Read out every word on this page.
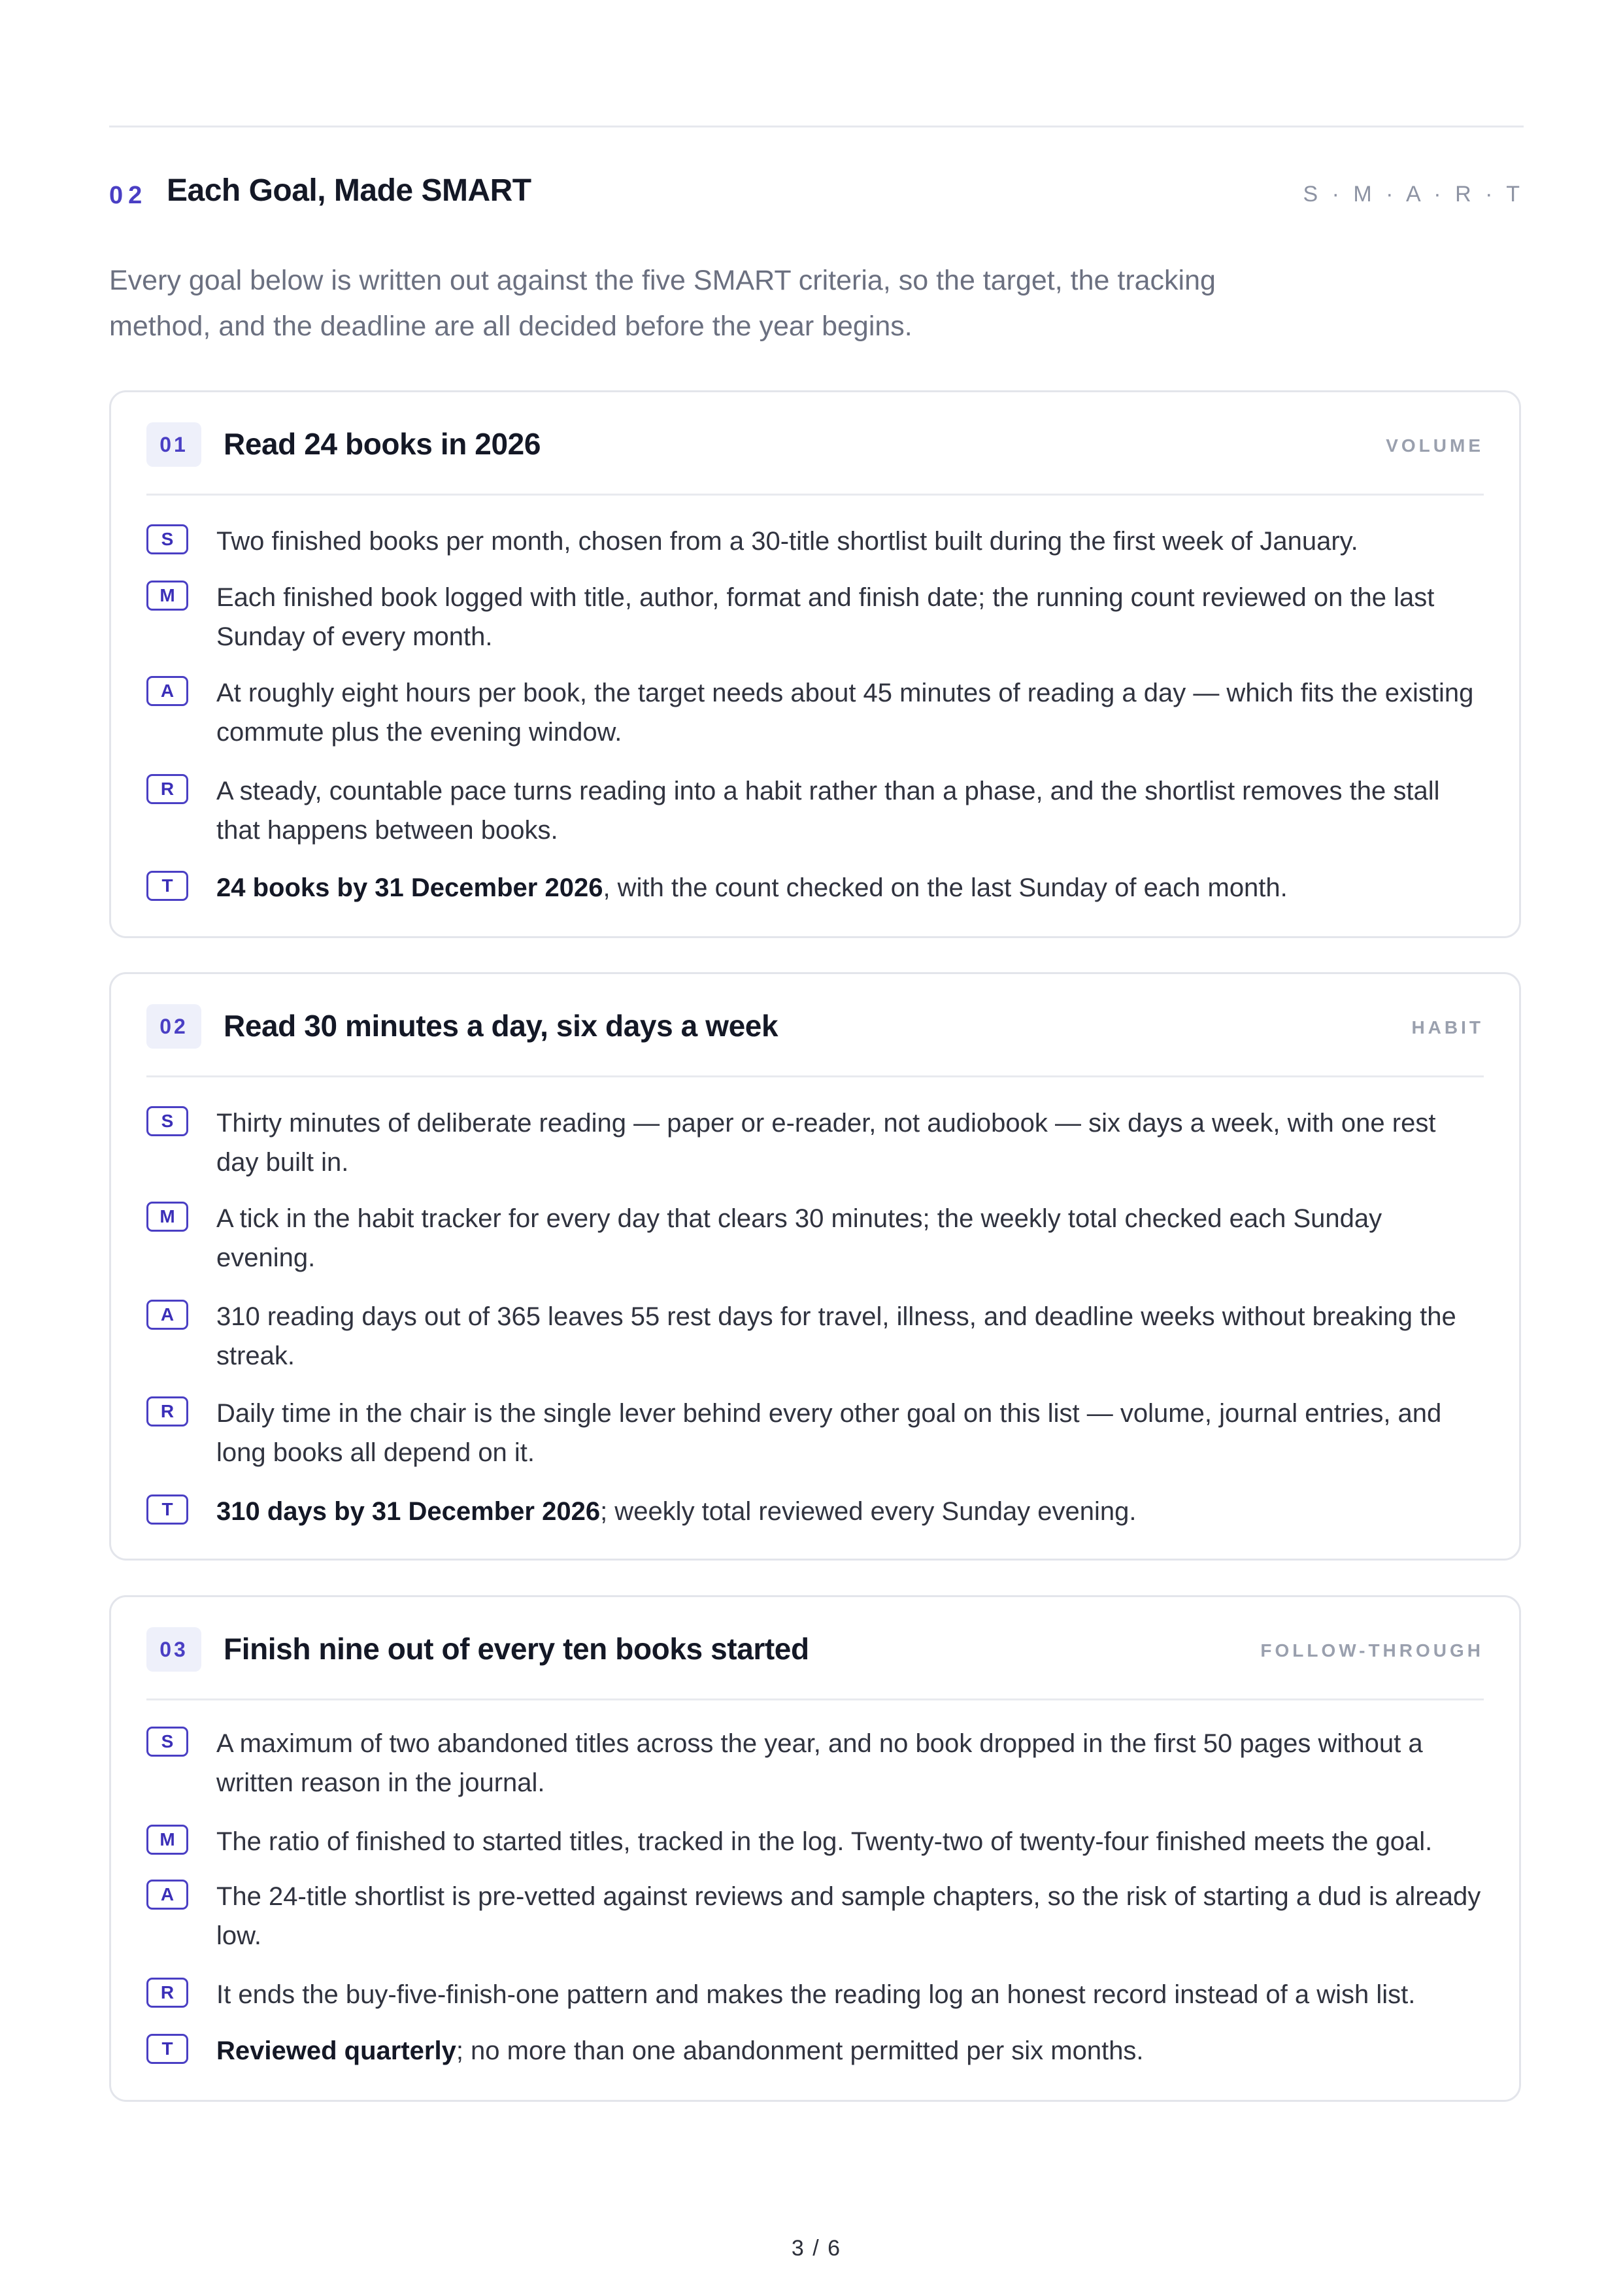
02 Each Goal, Made SMART	S · M · A · R · T
Every goal below is written out against the five SMART criteria, so the target, the tracking method, and the deadline are all decided before the year begins.
01	Read 24 books in 2026	VOLUME
S	Two finished books per month, chosen from a 30-title shortlist built during the first week of January.
M	Each finished book logged with title, author, format and finish date; the running count reviewed on the last Sunday of every month.
A	At roughly eight hours per book, the target needs about 45 minutes of reading a day — which fits the existing commute plus the evening window.
R	A steady, countable pace turns reading into a habit rather than a phase, and the shortlist removes the stall that happens between books.
T	24 books by 31 December 2026, with the count checked on the last Sunday of each month.
02	Read 30 minutes a day, six days a week	HABIT
S	Thirty minutes of deliberate reading — paper or e-reader, not audiobook — six days a week, with one rest day built in.
M	A tick in the habit tracker for every day that clears 30 minutes; the weekly total checked each Sunday evening.
A	310 reading days out of 365 leaves 55 rest days for travel, illness, and deadline weeks without breaking the streak.
R	Daily time in the chair is the single lever behind every other goal on this list — volume, journal entries, and long books all depend on it.
T	310 days by 31 December 2026; weekly total reviewed every Sunday evening.
03	Finish nine out of every ten books started	FOLLOW-THROUGH
S	A maximum of two abandoned titles across the year, and no book dropped in the first 50 pages without a written reason in the journal.
M	The ratio of finished to started titles, tracked in the log. Twenty-two of twenty-four finished meets the goal.
A	The 24-title shortlist is pre-vetted against reviews and sample chapters, so the risk of starting a dud is already low.
R	It ends the buy-five-finish-one pattern and makes the reading log an honest record instead of a wish list.
T	Reviewed quarterly; no more than one abandonment permitted per six months.
3 / 6
